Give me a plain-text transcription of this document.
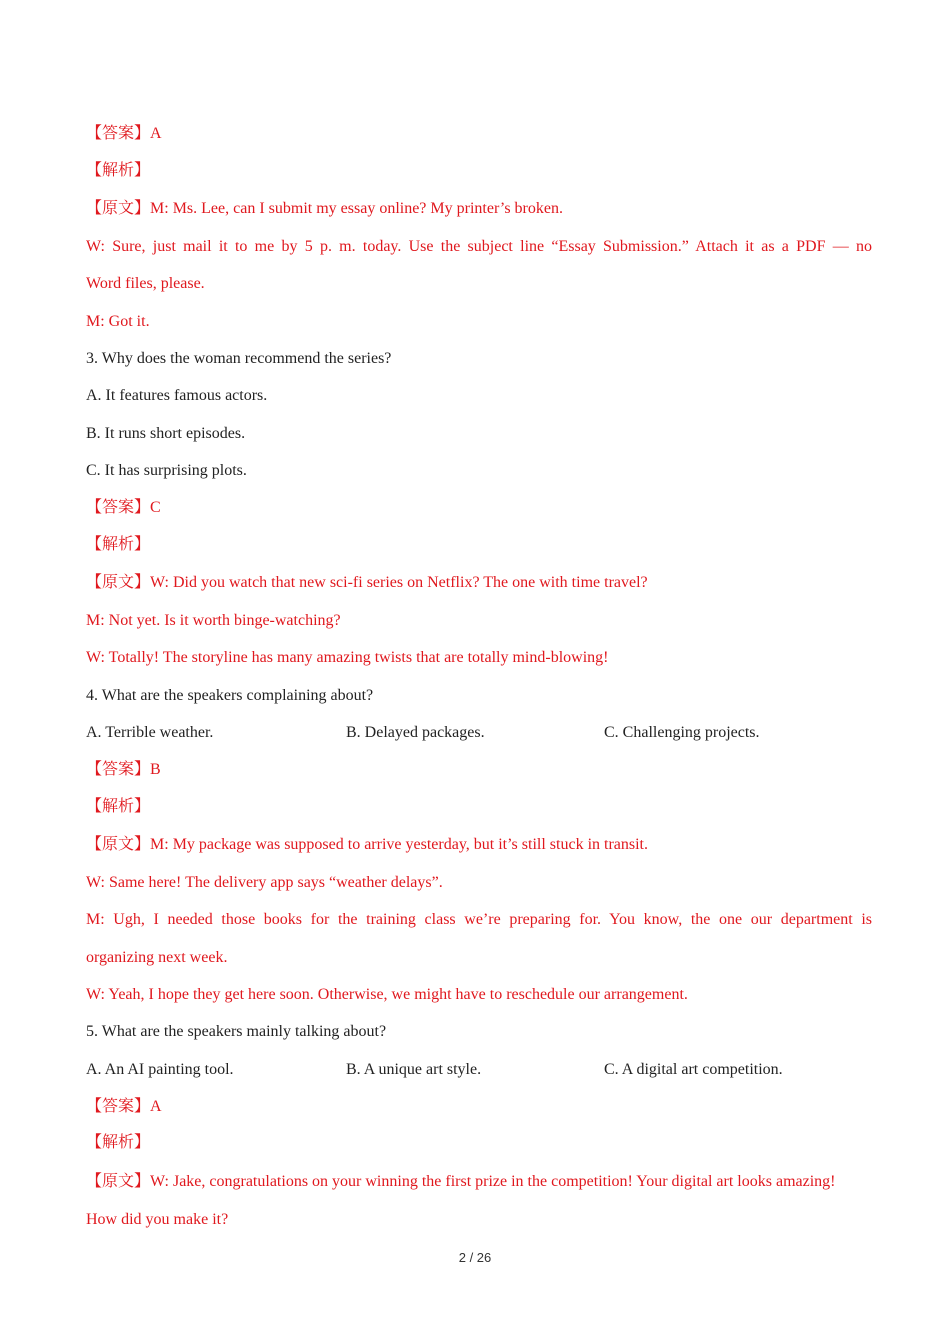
【答案】A
【解析】
【原文】M: Ms. Lee, can I submit my essay online? My printer’s broken.
W: Sure, just mail it to me by 5 p. m. today. Use the subject line “Essay Submission.” Attach it as a PDF — no
Word files, please.
M: Got it.
3. Why does the woman recommend the series?
A. It features famous actors.
B. It runs short episodes.
C. It has surprising plots.
【答案】C
【解析】
【原文】W: Did you watch that new sci-fi series on Netflix? The one with time travel?
M: Not yet. Is it worth binge-watching?
W: Totally! The storyline has many amazing twists that are totally mind-blowing!
4. What are the speakers complaining about?
A. Terrible weather.	B. Delayed packages.	C. Challenging projects.
【答案】B
【解析】
【原文】M: My package was supposed to arrive yesterday, but it’s still stuck in transit.
W: Same here! The delivery app says “weather delays”.
M: Ugh, I needed those books for the training class we’re preparing for. You know, the one our department is
organizing next week.
W: Yeah, I hope they get here soon. Otherwise, we might have to reschedule our arrangement.
5. What are the speakers mainly talking about?
A. An AI painting tool.	B. A unique art style.	C. A digital art competition.
【答案】A
【解析】
【原文】W: Jake, congratulations on your winning the first prize in the competition! Your digital art looks amazing!
How did you make it?
2 / 26
